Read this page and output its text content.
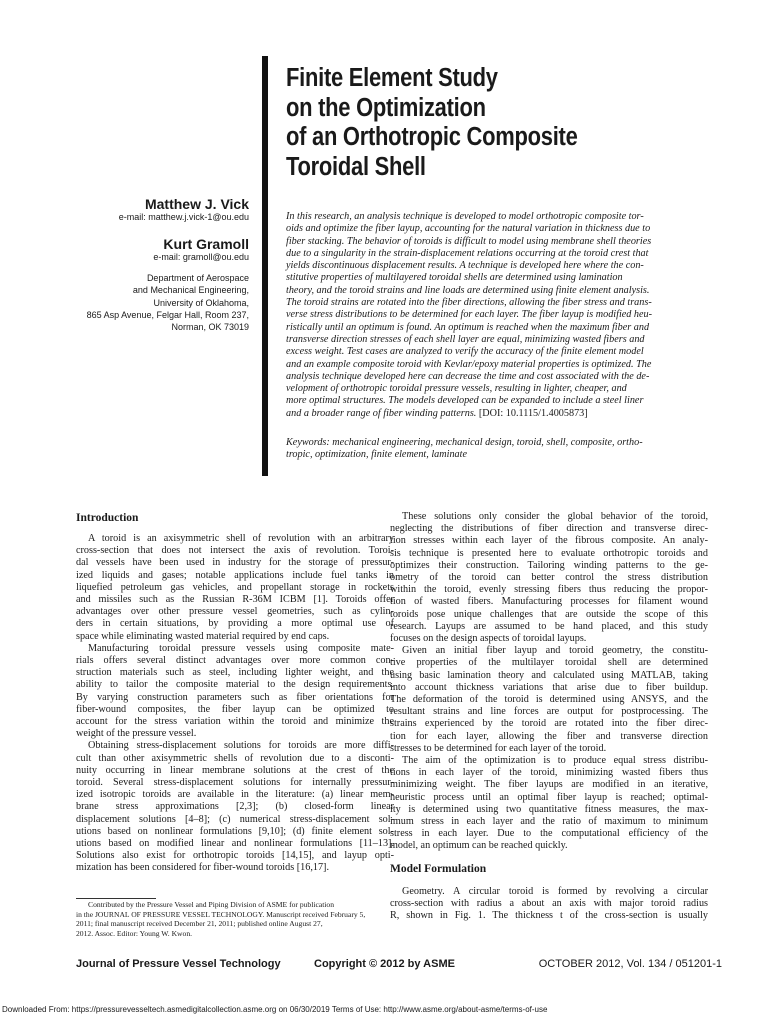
Finite Element Study
on the Optimization
of an Orthotropic Composite
Toroidal Shell
Matthew J. Vick
e-mail: matthew.j.vick-1@ou.edu
Kurt Gramoll
e-mail: gramoll@ou.edu
Department of Aerospace
and Mechanical Engineering,
University of Oklahoma,
865 Asp Avenue, Felgar Hall, Room 237,
Norman, OK 73019
In this research, an analysis technique is developed to model orthotropic composite tor-
oids and optimize the fiber layup, accounting for the natural variation in thickness due to
fiber stacking. The behavior of toroids is difficult to model using membrane shell theories
due to a singularity in the strain-displacement relations occurring at the toroid crest that
yields discontinuous displacement results. A technique is developed here where the con-
stitutive properties of multilayered toroidal shells are determined using lamination
theory, and the toroid strains and line loads are determined using finite element analysis.
The toroid strains are rotated into the fiber directions, allowing the fiber stress and trans-
verse stress distributions to be determined for each layer. The fiber layup is modified heu-
ristically until an optimum is found. An optimum is reached when the maximum fiber and
transverse direction stresses of each shell layer are equal, minimizing wasted fibers and
excess weight. Test cases are analyzed to verify the accuracy of the finite element model
and an example composite toroid with Kevlar/epoxy material properties is optimized. The
analysis technique developed here can decrease the time and cost associated with the de-
velopment of orthotropic toroidal pressure vessels, resulting in lighter, cheaper, and
more optimal structures. The models developed can be expanded to include a steel liner
and a broader range of fiber winding patterns. [DOI: 10.1115/1.4005873]
Keywords: mechanical engineering, mechanical design, toroid, shell, composite, ortho-
tropic, optimization, finite element, laminate
Introduction
A toroid is an axisymmetric shell of revolution with an arbitrary
cross-section that does not intersect the axis of revolution. Toroi-
dal vessels have been used in industry for the storage of pressur-
ized liquids and gases; notable applications include fuel tanks in
liquefied petroleum gas vehicles, and propellant storage in rockets
and missiles such as the Russian R-36M ICBM [1]. Toroids offer
advantages over other pressure vessel geometries, such as cylin-
ders in certain situations, by providing a more optimal use of
space while eliminating wasted material required by end caps.
Manufacturing toroidal pressure vessels using composite mate-
rials offers several distinct advantages over more common con-
struction materials such as steel, including lighter weight, and the
ability to tailor the composite material to the design requirements.
By varying construction parameters such as fiber orientations for
fiber-wound composites, the fiber layup can be optimized to
account for the stress variation within the toroid and minimize the
weight of the pressure vessel.
Obtaining stress-displacement solutions for toroids are more diffi-
cult than other axisymmetric shells of revolution due to a disconti-
nuity occurring in linear membrane solutions at the crest of the
toroid. Several stress-displacement solutions for internally pressur-
ized isotropic toroids are available in the literature: (a) linear mem-
brane stress approximations [2,3]; (b) closed-form linear
displacement solutions [4–8]; (c) numerical stress-displacement sol-
utions based on nonlinear formulations [9,10]; (d) finite element sol-
utions based on modified linear and nonlinear formulations [11–13].
Solutions also exist for orthotropic toroids [14,15], and layup opti-
mization has been considered for fiber-wound toroids [16,17].
These solutions only consider the global behavior of the toroid,
neglecting the distributions of fiber direction and transverse direc-
tion stresses within each layer of the fibrous composite. An analy-
sis technique is presented here to evaluate orthotropic toroids and
optimizes their construction. Tailoring winding patterns to the ge-
ometry of the toroid can better control the stress distribution
within the toroid, evenly stressing fibers thus reducing the propor-
tion of wasted fibers. Manufacturing processes for filament wound
toroids pose unique challenges that are outside the scope of this
research. Layups are assumed to be hand placed, and this study
focuses on the design aspects of toroidal layups.
Given an initial fiber layup and toroid geometry, the constitu-
tive properties of the multilayer toroidal shell are determined
using basic lamination theory and calculated using MATLAB, taking
into account thickness variations that arise due to fiber buildup.
The deformation of the toroid is determined using ANSYS, and the
resultant strains and line forces are output for postprocessing. The
strains experienced by the toroid are rotated into the fiber direc-
tion for each layer, allowing the fiber and transverse direction
stresses to be determined for each layer of the toroid.
The aim of the optimization is to produce equal stress distribu-
tions in each layer of the toroid, minimizing wasted fibers thus
minimizing weight. The fiber layups are modified in an iterative,
heuristic process until an optimal fiber layup is reached; optimal-
ity is determined using two quantitative fitness measures, the max-
imum stress in each layer and the ratio of maximum to minimum
stress in each layer. Due to the computational efficiency of the
model, an optimum can be reached quickly.
Model Formulation
Geometry. A circular toroid is formed by revolving a circular
cross-section with radius a about an axis with major toroid radius
R, shown in Fig. 1. The thickness t of the cross-section is usually
Contributed by the Pressure Vessel and Piping Division of ASME for publication
in the JOURNAL OF PRESSURE VESSEL TECHNOLOGY. Manuscript received February 5,
2011; final manuscript received December 21, 2011; published online August 27,
2012. Assoc. Editor: Young W. Kwon.
Journal of Pressure Vessel Technology	Copyright © 2012 by ASME	OCTOBER 2012, Vol. 134 / 051201-1
Downloaded From: https://pressurevesseltech.asmedigitalcollection.asme.org on 06/30/2019 Terms of Use: http://www.asme.org/about-asme/terms-of-use
